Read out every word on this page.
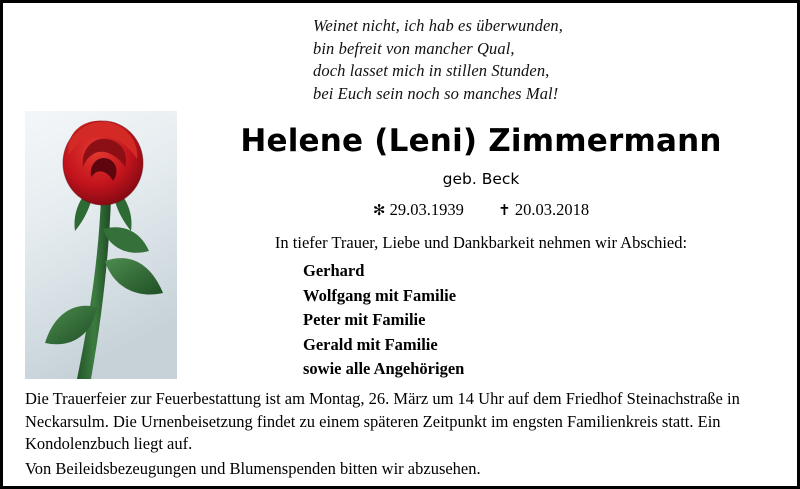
Weinet nicht, ich hab es überwunden,
bin befreit von mancher Qual,
doch lasset mich in stillen Stunden,
bei Euch sein noch so manches Mal!
Helene (Leni) Zimmermann
geb. Beck
✻ 29.03.1939 ✝ 20.03.2018
In tiefer Trauer, Liebe und Dankbarkeit nehmen wir Abschied:
Gerhard
Wolfgang mit Familie
Peter mit Familie
Gerald mit Familie
sowie alle Angehörigen
Die Trauerfeier zur Feuerbestattung ist am Montag, 26. März um 14 Uhr auf dem Friedhof Steinachstraße in Neckarsulm. Die Urnenbeisetzung findet zu einem späteren Zeitpunkt im engsten Familienkreis statt. Ein Kondolenzbuch liegt auf.
Von Beileidsbezeugungen und Blumenspenden bitten wir abzusehen.
